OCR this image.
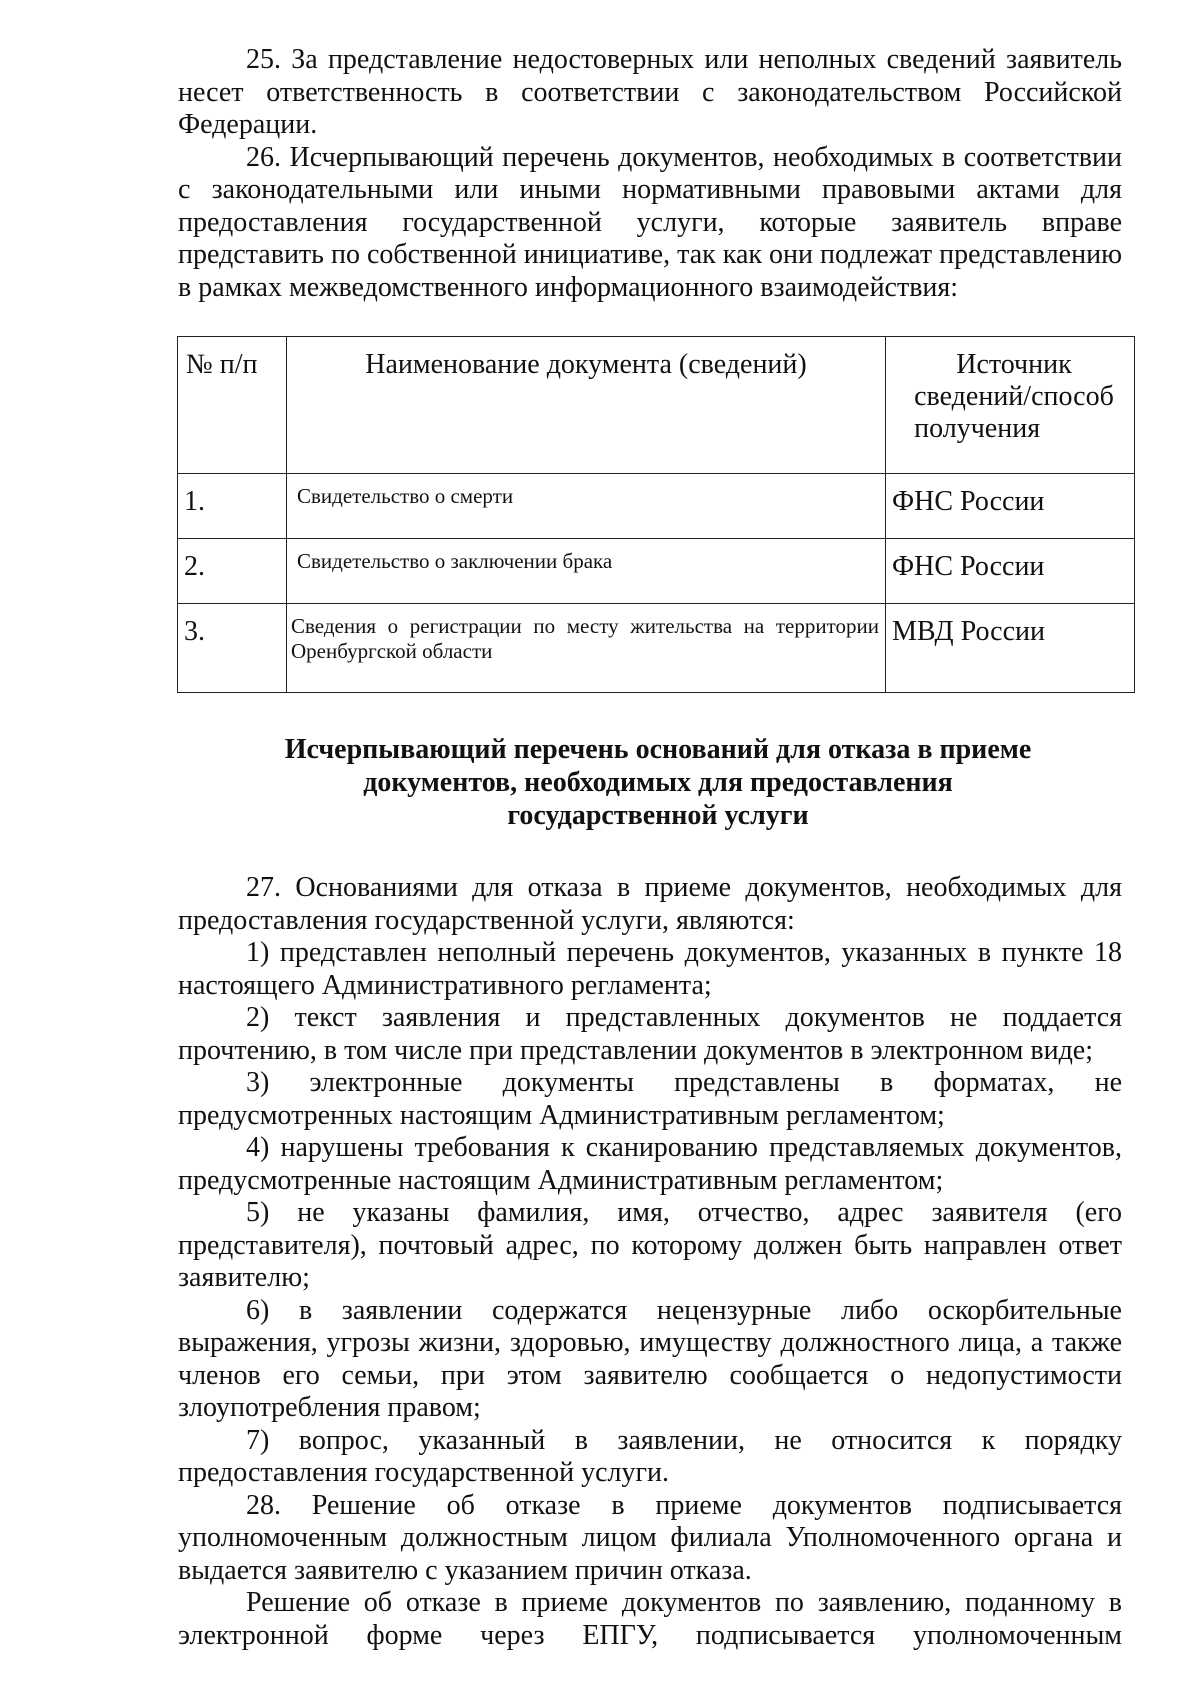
25. За представление недостоверных или неполных сведений заявитель несет ответственность в соответствии с законодательством Российской Федерации.

26. Исчерпывающий перечень документов, необходимых в соответствии с законодательными или иными нормативными правовыми актами для предоставления государственной услуги, которые заявитель вправе представить по собственной инициативе, так как они подлежат представлению в рамках межведомственного информационного взаимодействия:

№ п/п	Наименование документа (сведений)	Источник
сведений/способ
получения

1.	Свидетельство о смерти	ФНС России
2.	Свидетельство о заключении брака	ФНС России
3.	Сведения о регистрации по месту жительства на территории Оренбургской области	МВД России
Исчерпывающий перечень оснований для отказа в приеме
документов, необходимых для предоставления
государственной услуги

27. Основаниями для отказа в приеме документов, необходимых для предоставления государственной услуги, являются:

1) представлен неполный перечень документов, указанных в пункте 18 настоящего Административного регламента;

2) текст заявления и представленных документов не поддается прочтению, в том числе при представлении документов в электронном виде;

3) электронные документы представлены в форматах, не предусмотренных настоящим Административным регламентом;

4) нарушены требования к сканированию представляемых документов, предусмотренные настоящим Административным регламентом;

5) не указаны фамилия, имя, отчество, адрес заявителя (его представителя), почтовый адрес, по которому должен быть направлен ответ заявителю;

6) в заявлении содержатся нецензурные либо оскорбительные выражения, угрозы жизни, здоровью, имуществу должностного лица, а также членов его семьи, при этом заявителю сообщается о недопустимости злоупотребления правом;

7) вопрос, указанный в заявлении, не относится к порядку предоставления государственной услуги.

28. Решение об отказе в приеме документов подписывается уполномоченным должностным лицом филиала Уполномоченного органа и выдается заявителю с указанием причин отказа.

Решение об отказе в приеме документов по заявлению, поданному в электронной форме через ЕПГУ, подписывается уполномоченным
